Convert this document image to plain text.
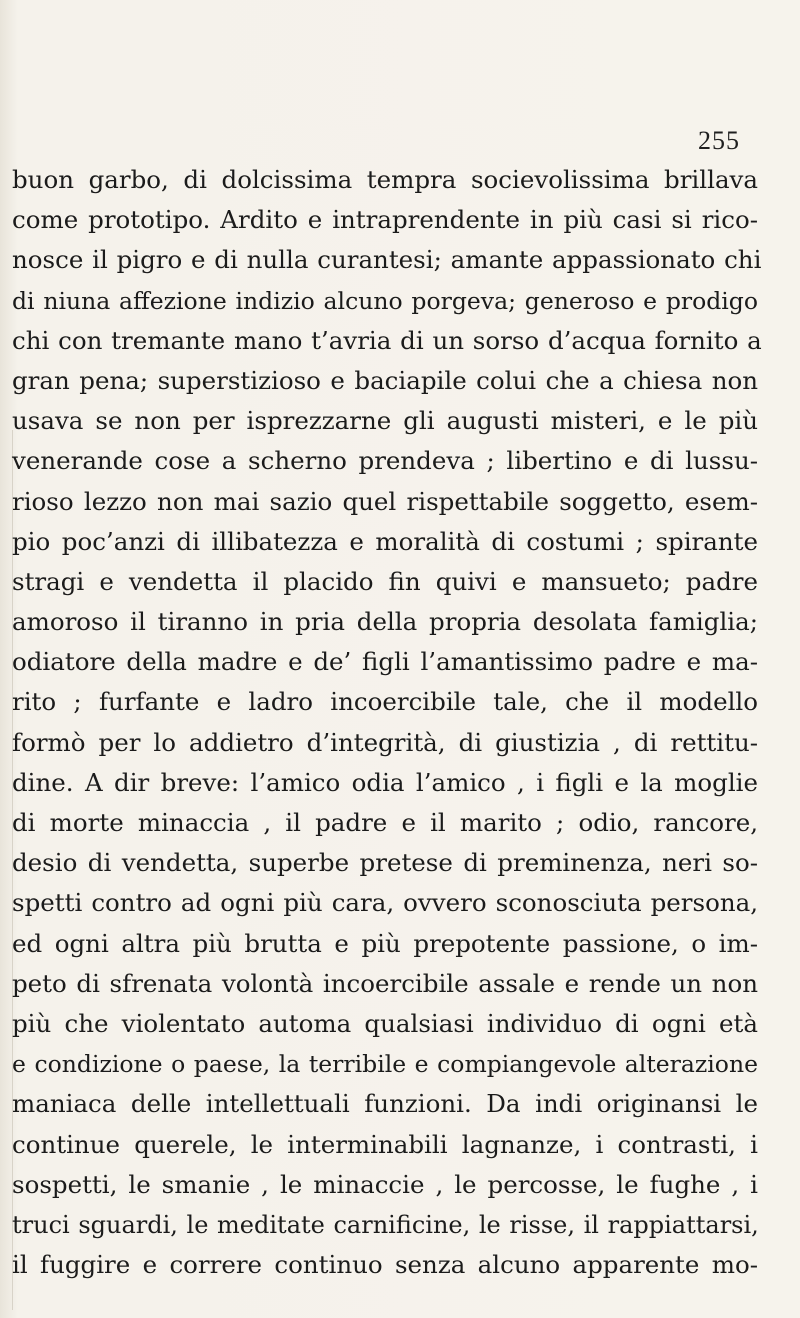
255
buon garbo, di dolcissima tempra socievolissima brillava
come prototipo. Ardito e intraprendente in più casi si rico-
nosce il pigro e di nulla curantesi; amante appassionato chi
di niuna affezione indizio alcuno porgeva; generoso e prodigo
chi con tremante mano t’avria di un sorso d’acqua fornito a
gran pena; superstizioso e baciapile colui che a chiesa non
usava se non per isprezzarne gli augusti misteri, e le più
venerande cose a scherno prendeva ; libertino e di lussu-
rioso lezzo non mai sazio quel rispettabile soggetto, esem-
pio poc’anzi di illibatezza e moralità di costumi ; spirante
stragi e vendetta il placido fin quivi e mansueto; padre
amoroso il tiranno in pria della propria desolata famiglia;
odiatore della madre e de’ figli l’amantissimo padre e ma-
rito ; furfante e ladro incoercibile tale, che il modello
formò per lo addietro d’integrità, di giustizia , di rettitu-
dine. A dir breve: l’amico odia l’amico , i figli e la moglie
di morte minaccia , il padre e il marito ; odio, rancore,
desio di vendetta, superbe pretese di preminenza, neri so-
spetti contro ad ogni più cara, ovvero sconosciuta persona,
ed ogni altra più brutta e più prepotente passione, o im-
peto di sfrenata volontà incoercibile assale e rende un non
più che violentato automa qualsiasi individuo di ogni età
e condizione o paese, la terribile e compiangevole alterazione
maniaca delle intellettuali funzioni. Da indi originansi le
continue querele, le interminabili lagnanze, i contrasti, i
sospetti, le smanie , le minaccie , le percosse, le fughe , i
truci sguardi, le meditate carnificine, le risse, il rappiattarsi,
il fuggire e correre continuo senza alcuno apparente mo-
